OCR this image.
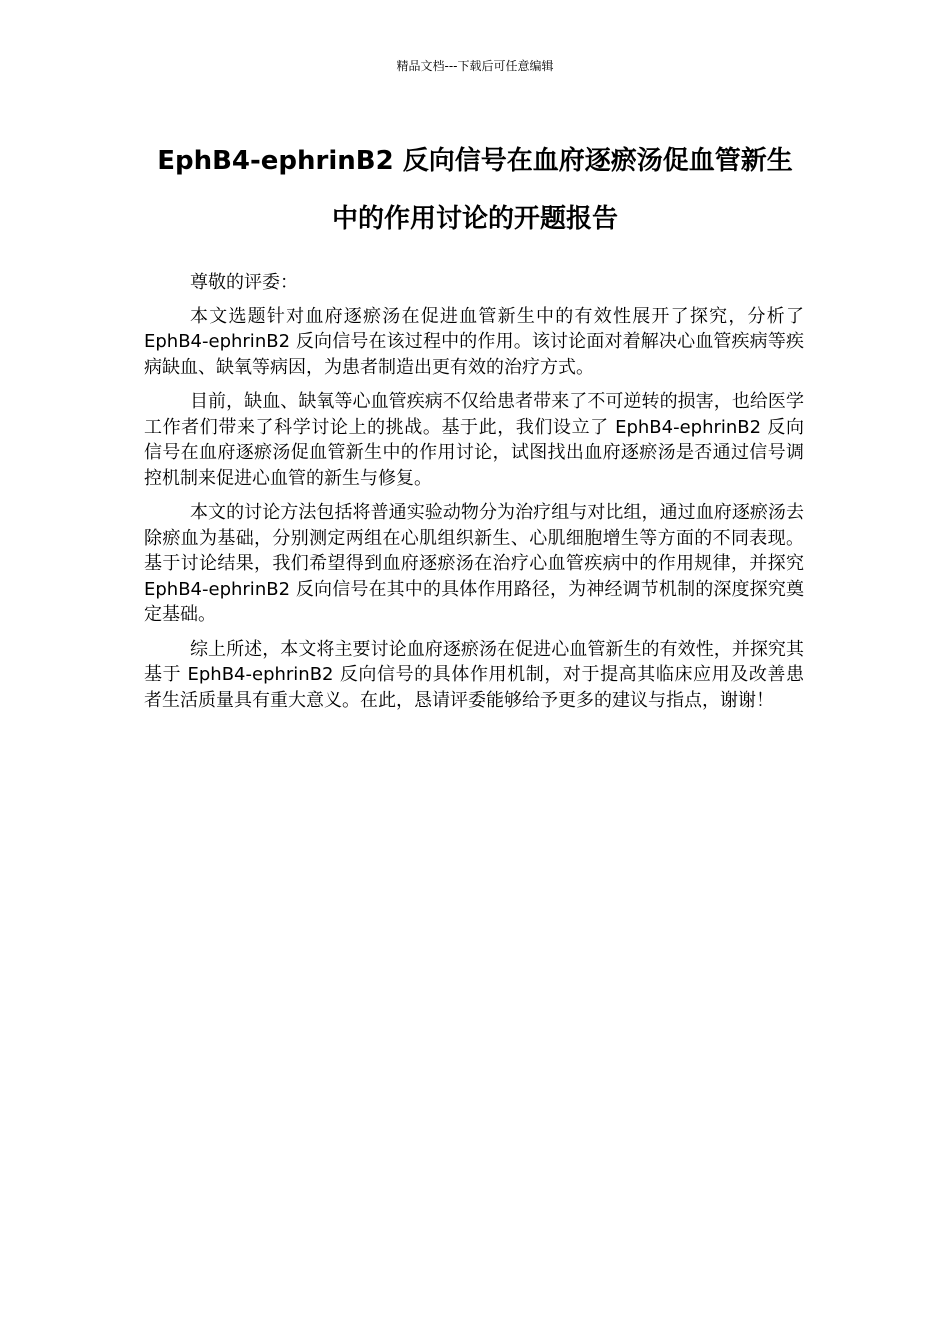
精品文档---下载后可任意编辑
EphB4-ephrinB2 反向信号在血府逐瘀汤促血管新生
中的作用讨论的开题报告

尊敬的评委：

本文选题针对血府逐瘀汤在促进血管新生中的有效性展开了探究，分析了 EphB4-ephrinB2 反向信号在该过程中的作用。该讨论面对着解决心血管疾病等疾病缺血、缺氧等病因，为患者制造出更有效的治疗方式。

目前，缺血、缺氧等心血管疾病不仅给患者带来了不可逆转的损害，也给医学工作者们带来了科学讨论上的挑战。基于此，我们设立了 EphB4-ephrinB2 反向信号在血府逐瘀汤促血管新生中的作用讨论，试图找出血府逐瘀汤是否通过信号调控机制来促进心血管的新生与修复。

本文的讨论方法包括将普通实验动物分为治疗组与对比组，通过血府逐瘀汤去除瘀血为基础，分别测定两组在心肌组织新生、心肌细胞增生等方面的不同表现。基于讨论结果，我们希望得到血府逐瘀汤在治疗心血管疾病中的作用规律，并探究 EphB4-ephrinB2 反向信号在其中的具体作用路径，为神经调节机制的深度探究奠定基础。

综上所述，本文将主要讨论血府逐瘀汤在促进心血管新生的有效性，并探究其基于 EphB4-ephrinB2 反向信号的具体作用机制，对于提高其临床应用及改善患者生活质量具有重大意义。在此，恳请评委能够给予更多的建议与指点，谢谢！
